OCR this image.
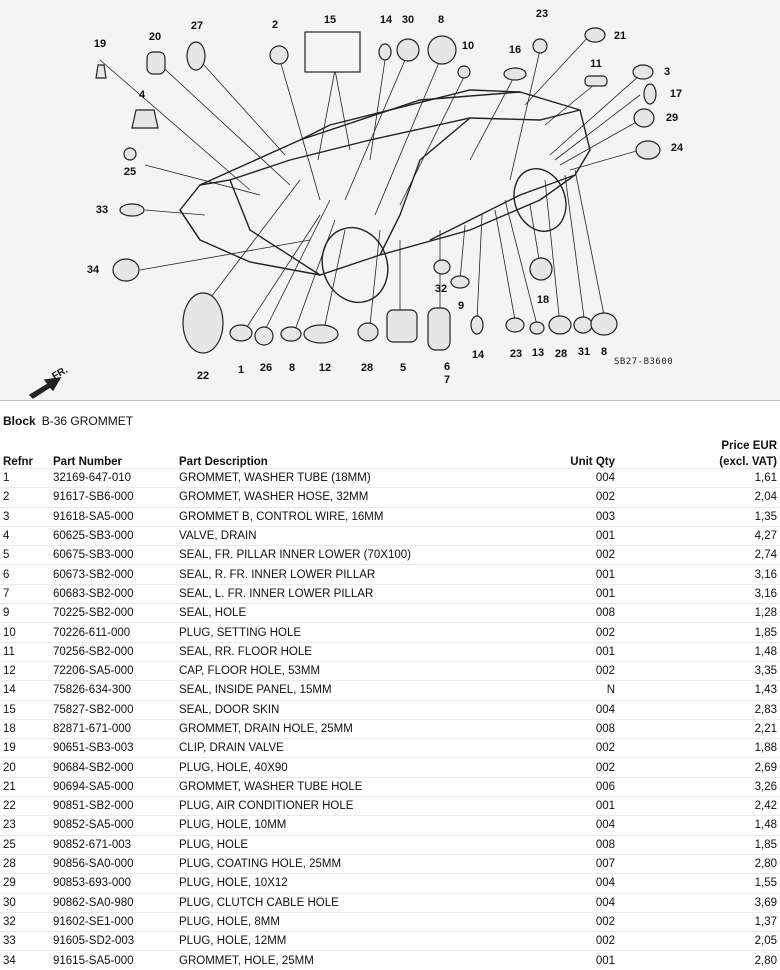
19
20
27	2	15	14 30 8
10
23
16
21
11
3
17
29
24
4
25
33
34
22	1 26 8 12	28 5
32
9
6
7
14 23 13 28 31 8
18
SB27-B3600
FR.
Block B-36 GROMMET
				Price EUR
Refnr	Part Number	Part Description	Unit Qty	(excl. VAT)
1	32169-647-010	GROMMET, WASHER TUBE (18MM)	004	1,61
2	91617-SB6-000	GROMMET, WASHER HOSE, 32MM	002	2,04
3	91618-SA5-000	GROMMET B, CONTROL WIRE, 16MM	003	1,35
4	60625-SB3-000	VALVE, DRAIN	001	4,27
5	60675-SB3-000	SEAL, FR. PILLAR INNER LOWER (70X100)	002	2,74
6	60673-SB2-000	SEAL, R. FR. INNER LOWER PILLAR	001	3,16
7	60683-SB2-000	SEAL, L. FR. INNER LOWER PILLAR	001	3,16
9	70225-SB2-000	SEAL, HOLE	008	1,28
10	70226-611-000	PLUG, SETTING HOLE	002	1,85
11	70256-SB2-000	SEAL, RR. FLOOR HOLE	001	1,48
12	72206-SA5-000	CAP, FLOOR HOLE, 53MM	002	3,35
14	75826-634-300	SEAL, INSIDE PANEL, 15MM	N	1,43
15	75827-SB2-000	SEAL, DOOR SKIN	004	2,83
18	82871-671-000	GROMMET, DRAIN HOLE, 25MM	008	2,21
19	90651-SB3-003	CLIP, DRAIN VALVE	002	1,88
20	90684-SB2-000	PLUG, HOLE, 40X90	002	2,69
21	90694-SA5-000	GROMMET, WASHER TUBE HOLE	006	3,26
22	90851-SB2-000	PLUG, AIR CONDITIONER HOLE	001	2,42
23	90852-SA5-000	PLUG, HOLE, 10MM	004	1,48
25	90852-671-003	PLUG, HOLE	008	1,85
28	90856-SA0-000	PLUG, COATING HOLE, 25MM	007	2,80
29	90853-693-000	PLUG, HOLE, 10X12	004	1,55
30	90862-SA0-980	PLUG, CLUTCH CABLE HOLE	004	3,69
32	91602-SE1-000	PLUG, HOLE, 8MM	002	1,37
33	91605-SD2-003	PLUG, HOLE, 12MM	002	2,05
34	91615-SA5-000	GROMMET, HOLE, 25MM	001	2,80
